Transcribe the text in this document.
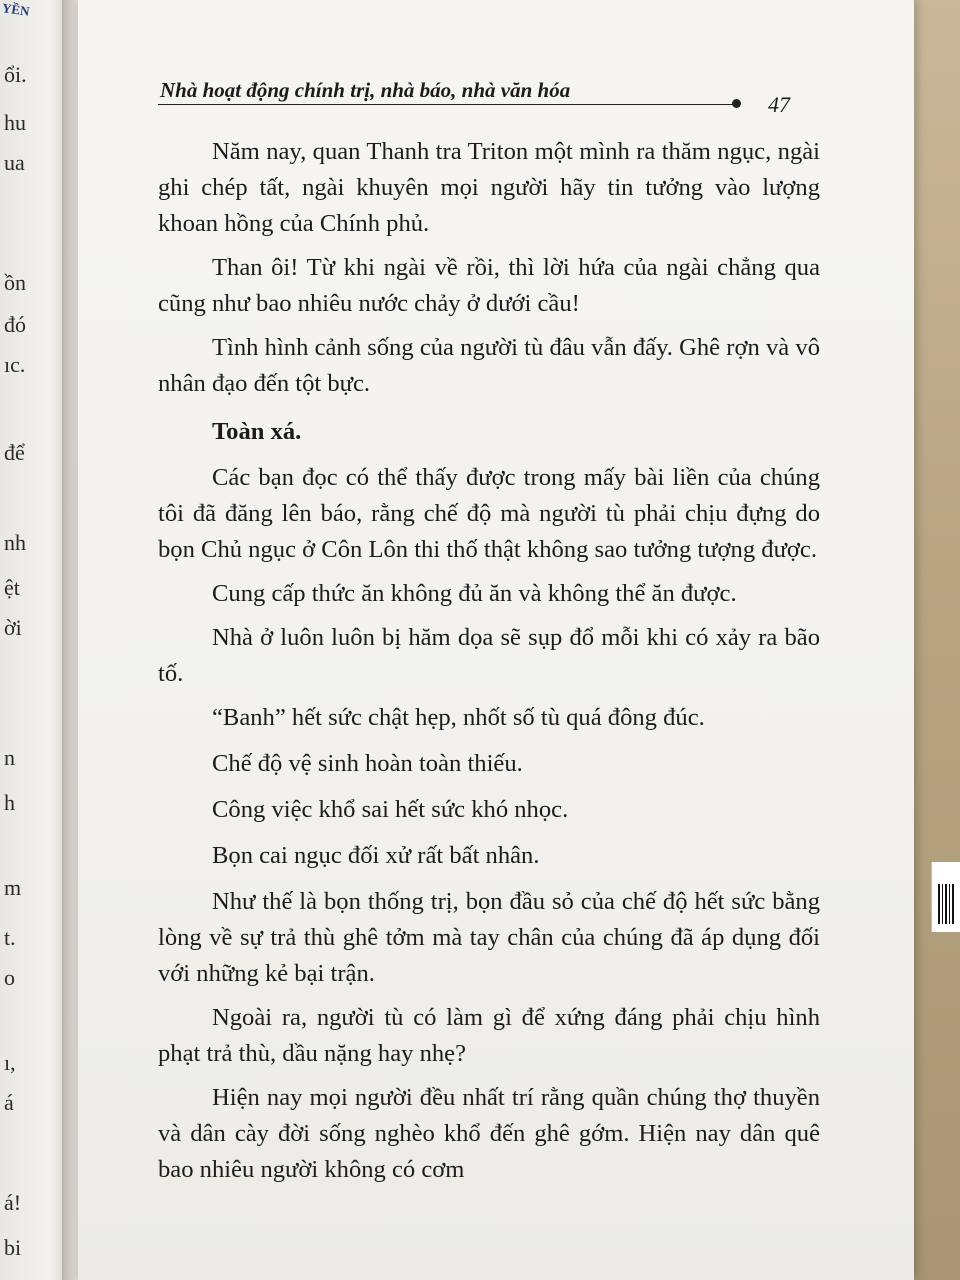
YỀN
ổi.
hu
ua
ồn
đó
ıc.
để
nh
ệt
ời
n
h
m
t.
o
ı,
á
á!
bi
Nhà hoạt động chính trị, nhà báo, nhà văn hóa
47

Năm nay, quan Thanh tra Triton một mình ra thăm ngục, ngài ghi chép tất, ngài khuyên mọi người hãy tin tưởng vào lượng khoan hồng của Chính phủ.

Than ôi! Từ khi ngài về rồi, thì lời hứa của ngài chẳng qua cũng như bao nhiêu nước chảy ở dưới cầu!

Tình hình cảnh sống của người tù đâu vẫn đấy. Ghê rợn và vô nhân đạo đến tột bực.

Toàn xá.

Các bạn đọc có thể thấy được trong mấy bài liền của chúng tôi đã đăng lên báo, rằng chế độ mà người tù phải chịu đựng do bọn Chủ ngục ở Côn Lôn thi thố thật không sao tưởng tượng được.

Cung cấp thức ăn không đủ ăn và không thể ăn được.

Nhà ở luôn luôn bị hăm dọa sẽ sụp đổ mỗi khi có xảy ra bão tố.

“Banh” hết sức chật hẹp, nhốt số tù quá đông đúc.

Chế độ vệ sinh hoàn toàn thiếu.

Công việc khổ sai hết sức khó nhọc.

Bọn cai ngục đối xử rất bất nhân.

Như thế là bọn thống trị, bọn đầu sỏ của chế độ hết sức bằng lòng về sự trả thù ghê tởm mà tay chân của chúng đã áp dụng đối với những kẻ bại trận.

Ngoài ra, người tù có làm gì để xứng đáng phải chịu hình phạt trả thù, dầu nặng hay nhẹ?

Hiện nay mọi người đều nhất trí rằng quần chúng thợ thuyền và dân cày đời sống nghèo khổ đến ghê gớm. Hiện nay dân quê bao nhiêu người không có cơm
